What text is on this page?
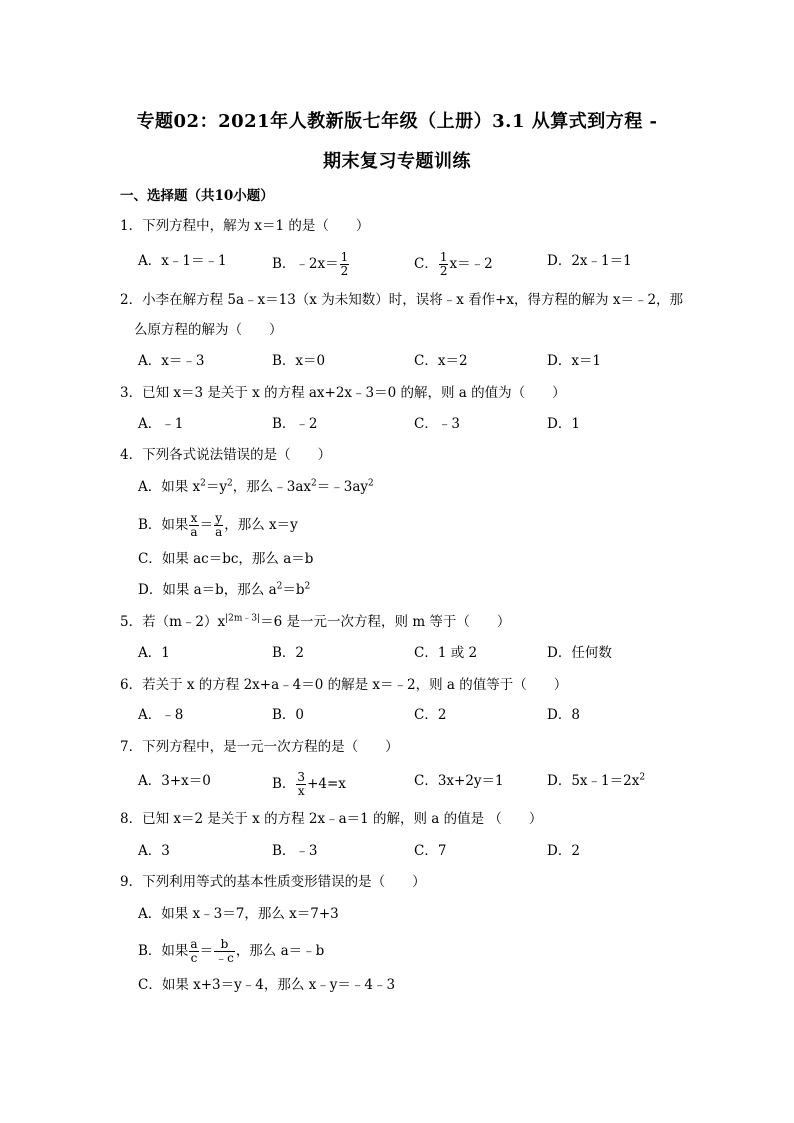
专题02：2021年人教新版七年级（上册）3.1 从算式到方程 -
期末复习专题训练
一、选择题（共10小题）
1．下列方程中，解为 x＝1 的是（　　）
A．x﹣1＝﹣1	B．﹣2x＝ $\frac{1}{2}$	C． $\frac{1}{2}$ x＝﹣2	D．2x﹣1＝1
2．小李在解方程 5a﹣x＝13（x 为未知数）时，误将﹣x 看作+x，得方程的解为 x＝﹣2，那
么原方程的解为（　　）
A．x＝﹣3	B．x＝0	C．x＝2	D．x＝1
3．已知 x＝3 是关于 x 的方程 ax+2x﹣3＝0 的解，则 a 的值为（　　）
A．﹣1	B．﹣2	C．﹣3	D．1
4．下列各式说法错误的是（　　）
A．如果 $x^2=y^2$，那么$﹣3ax^2=﹣3ay^2$
B．如果 $\frac{x}{a} = \frac{y}{a}$ ，那么 x＝y
C．如果 ac＝bc，那么 a＝b
D．如果 a＝b，那么 $a^2=b^2$
5．若$(m﹣2)x^{|2m﹣3|}=6$ 是一元一次方程，则 m 等于（　　）
A．1	B．2	C．1 或 2	D．任何数
6．若关于 x 的方程 2x+a﹣4＝0 的解是 x＝﹣2，则 a 的值等于（　　）
A．﹣8	B．0	C．2	D．8
7．下列方程中，是一元一次方程的是（　　）
A．3+x＝0	B． $\frac{3}{x} +4=x$	C．3x+2y＝1	D．$5x﹣1=2x^2$
8．已知 x＝2 是关于 x 的方程 2x﹣a＝1 的解，则 a 的值是 （　　）
A．3	B．﹣3	C．7	D．2
9．下列利用等式的基本性质变形错误的是（　　）
A．如果 x﹣3＝7，那么 x＝7+3
B．如果 $\frac{a}{c} = \frac{b}{﹣c}$ ，那么 a＝﹣b
C．如果 x+3＝y﹣4，那么 x﹣y＝﹣4﹣3
